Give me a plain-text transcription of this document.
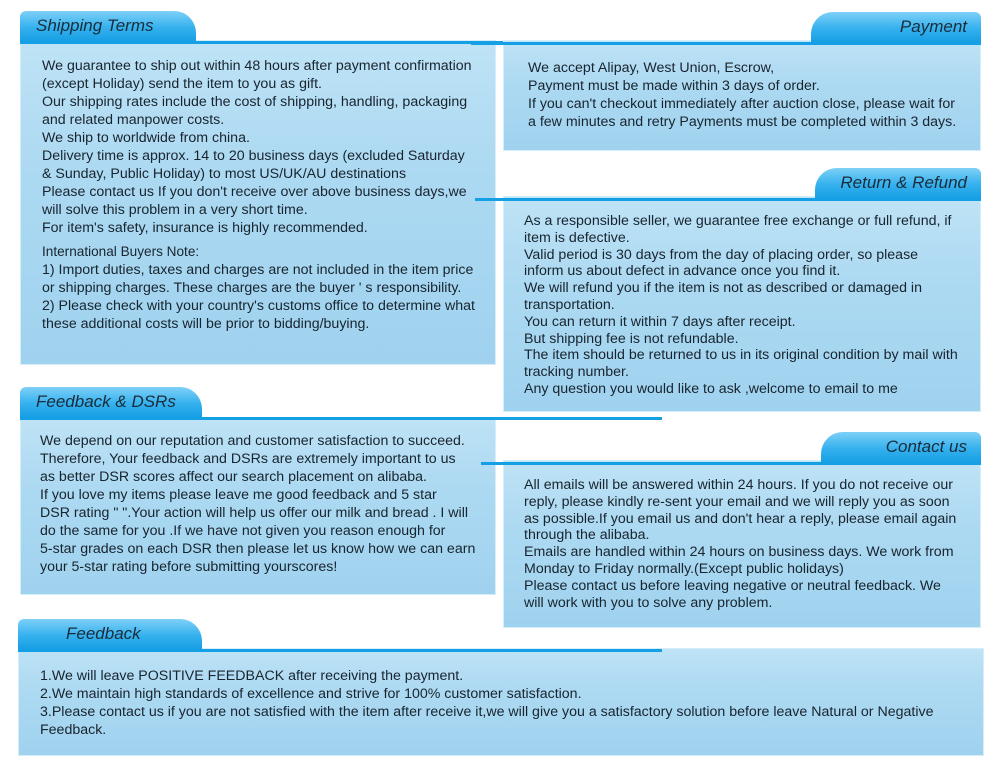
Shipping Terms
We guarantee to ship out within 48 hours after payment confirmation
(except Holiday) send the item to you as gift.
Our shipping rates include the cost of shipping, handling, packaging
and related manpower costs.
We ship to worldwide from china.
Delivery time is approx. 14 to 20 business days (excluded Saturday
& Sunday, Public Holiday) to most US/UK/AU destinations
Please contact us If you don't receive over above business days,we
will solve this problem in a very short time.
For item's safety, insurance is highly recommended.
International Buyers Note:
1) Import duties, taxes and charges are not included in the item price
or shipping charges. These charges are the buyer ' s responsibility.
2) Please check with your country's customs office to determine what
these additional costs will be prior to bidding/buying.
Payment
We accept Alipay, West Union, Escrow,
Payment must be made within 3 days of order.
If you can't checkout immediately after auction close, please wait for
a few minutes and retry Payments must be completed within 3 days.
Return & Refund
As a responsible seller, we guarantee free exchange or full refund, if
item is defective.
Valid period is 30 days from the day of placing order, so please
inform us about defect in advance once you find it.
We will refund you if the item is not as described or damaged in
transportation.
You can return it within 7 days after receipt.
But shipping fee is not refundable.
The item should be returned to us in its original condition by mail with
tracking number.
Any question you would like to ask ,welcome to email to me
Feedback & DSRs
We depend on our reputation and customer satisfaction to succeed.
Therefore, Your feedback and DSRs are extremely important to us
as better DSR scores affect our search placement on alibaba.
If you love my items please leave me good feedback and 5 star
DSR rating " ".Your action will help us offer our milk and bread . I will
do the same for you .If we have not given you reason enough for
5-star grades on each DSR then please let us know how we can earn
your 5-star rating before submitting yourscores!
Contact us
All emails will be answered within 24 hours. If you do not receive our
reply, please kindly re-sent your email and we will reply you as soon
as possible.If you email us and don't hear a reply, please email again
through the alibaba.
Emails are handled within 24 hours on business days. We work from
Monday to Friday normally.(Except public holidays)
Please contact us before leaving negative or neutral feedback. We
will work with you to solve any problem.
Feedback
1.We will leave POSITIVE FEEDBACK after receiving the payment.
2.We maintain high standards of excellence and strive for 100% customer satisfaction.
3.Please contact us if you are not satisfied with the item after receive it,we will give you a satisfactory solution before leave Natural or Negative
Feedback.
